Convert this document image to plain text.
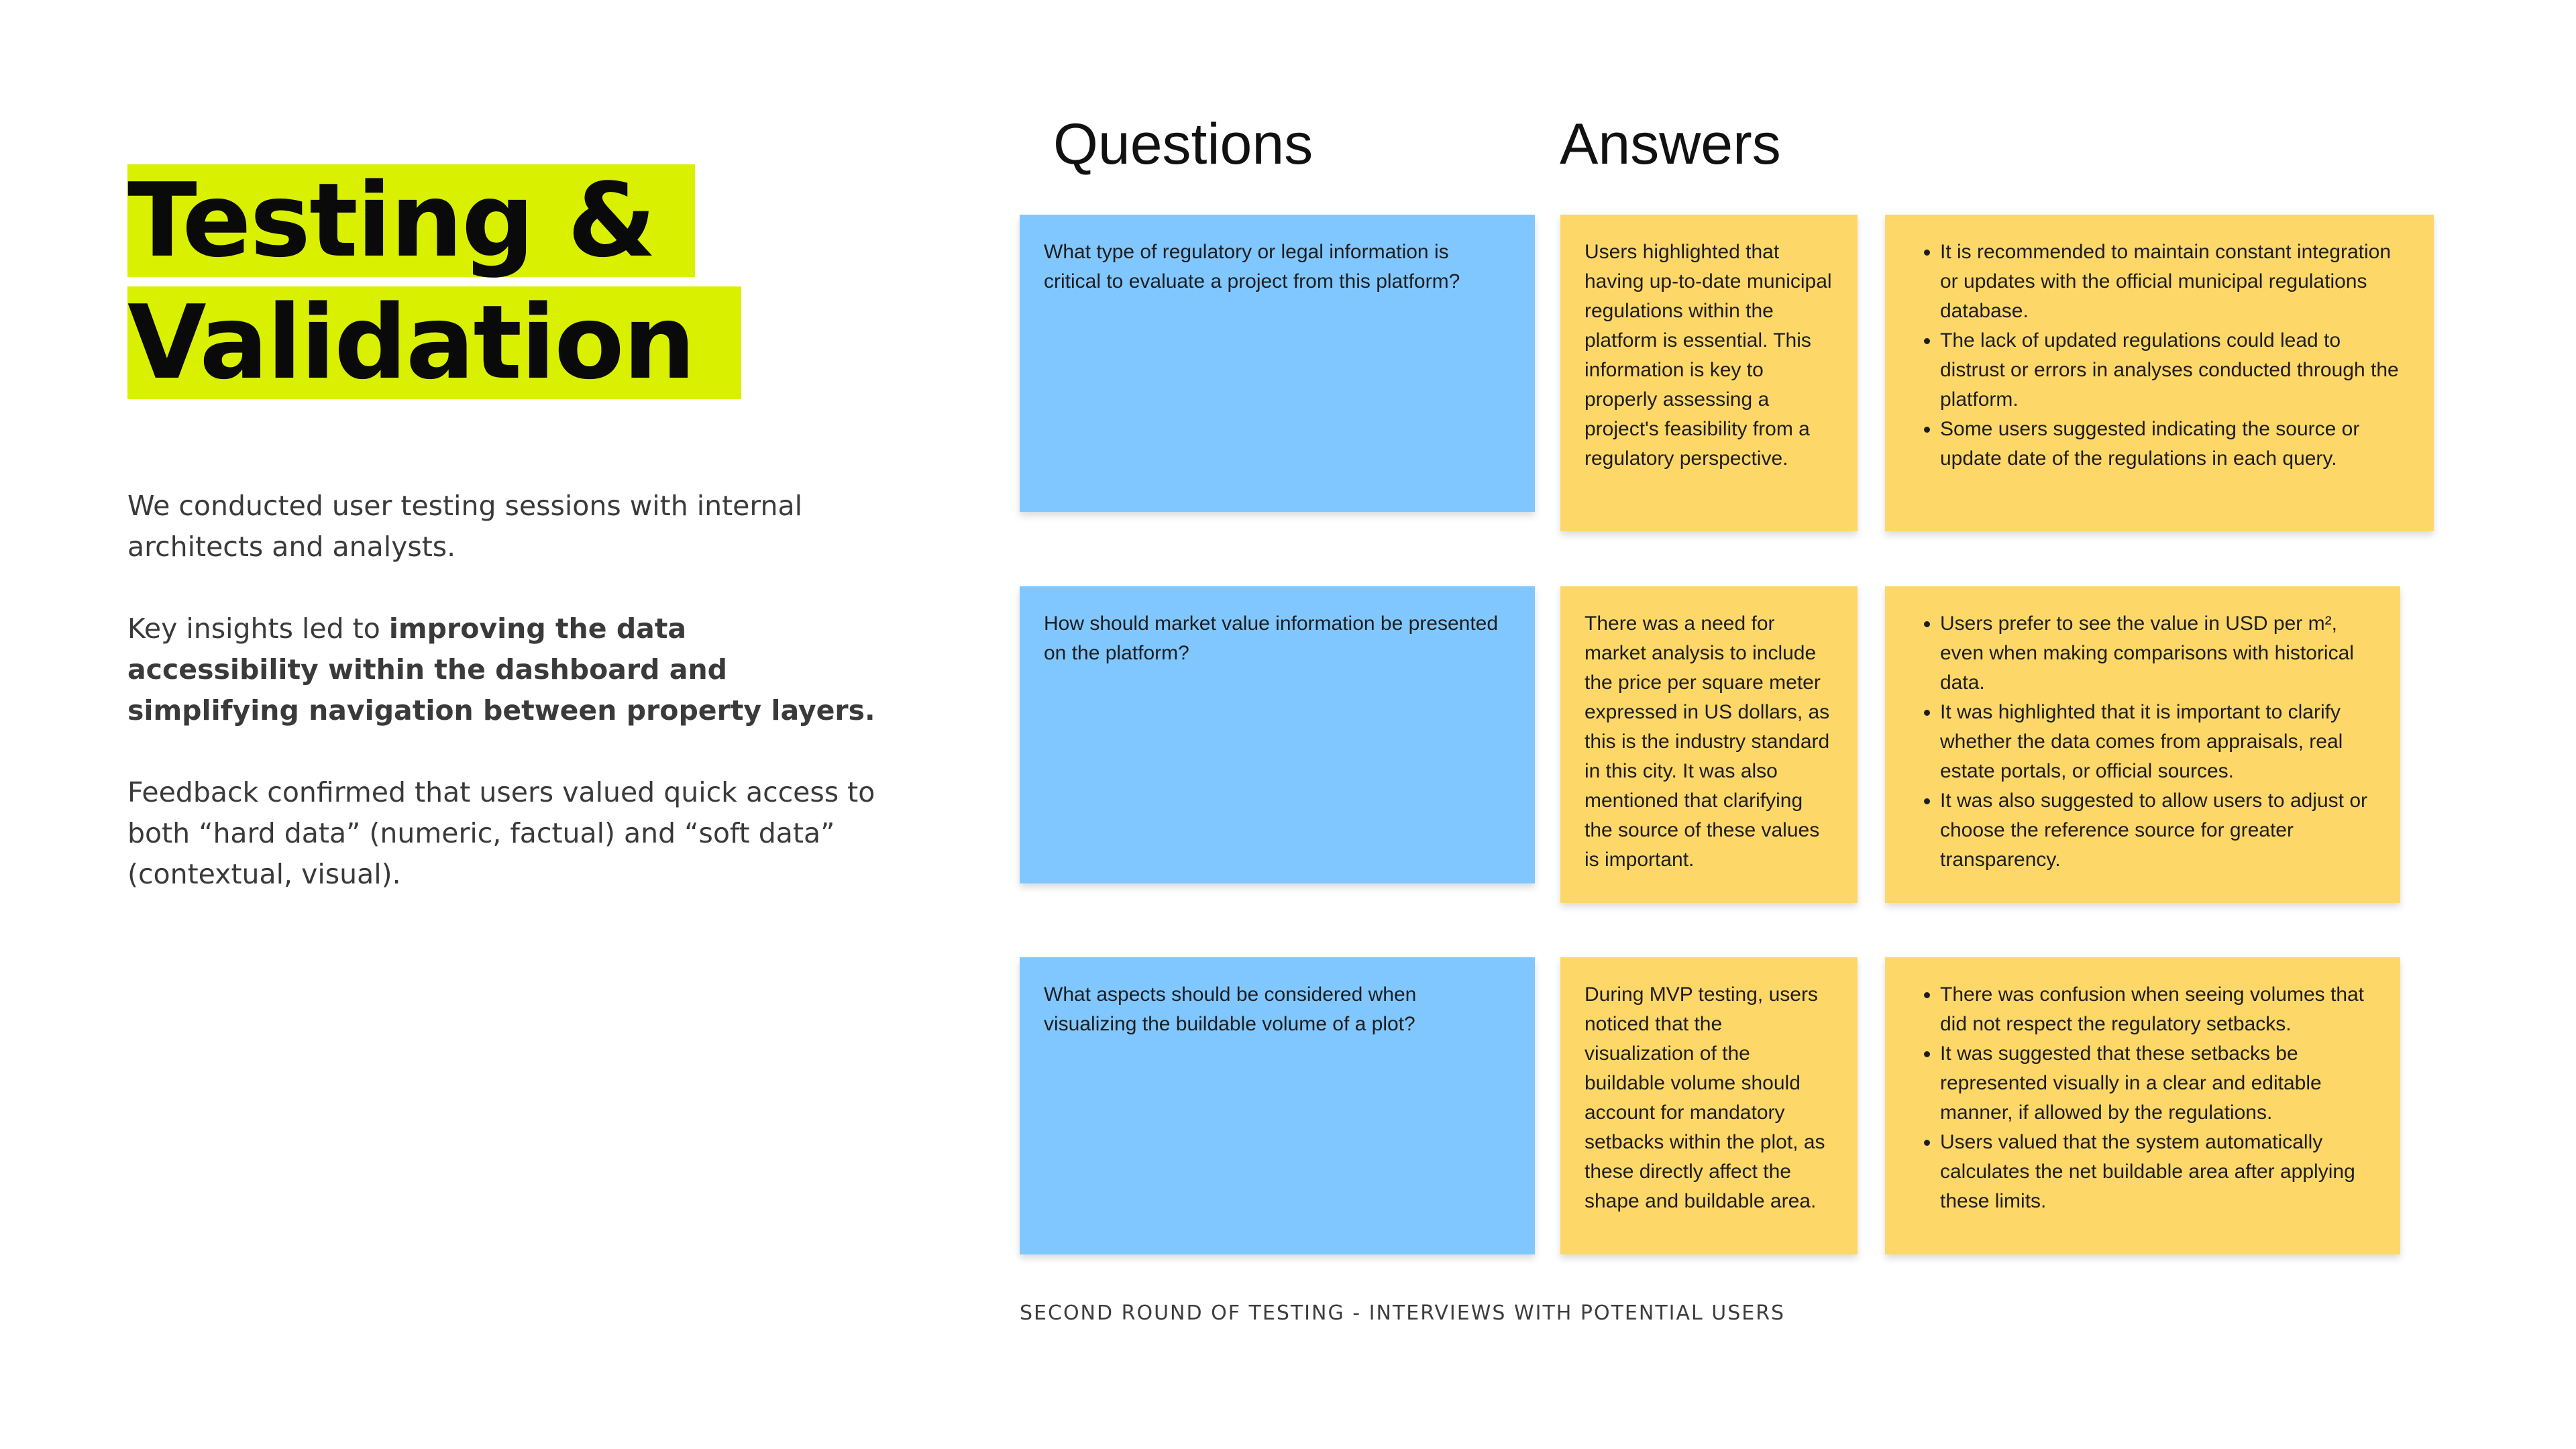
Testing &
Validation

We conducted user testing sessions with internal architects and analysts.

Key insights led to improving the data accessibility within the dashboard and simplifying navigation between property layers.

Feedback confirmed that users valued quick access to both “hard data” (numeric, factual) and “soft data” (contextual, visual).

Questions	Answers
What type of regulatory or legal information is critical to evaluate a project from this platform?
Users highlighted that having up-to-date municipal regulations within the platform is essential. This information is key to properly assessing a project's feasibility from a regulatory perspective.
• It is recommended to maintain constant integration or updates with the official municipal regulations database.
• The lack of updated regulations could lead to distrust or errors in analyses conducted through the platform.
• Some users suggested indicating the source or update date of the regulations in each query.
How should market value information be presented on the platform?
There was a need for market analysis to include the price per square meter expressed in US dollars, as this is the industry standard in this city. It was also mentioned that clarifying the source of these values is important.
• Users prefer to see the value in USD per m², even when making comparisons with historical data.
• It was highlighted that it is important to clarify whether the data comes from appraisals, real estate portals, or official sources.
• It was also suggested to allow users to adjust or choose the reference source for greater transparency.
What aspects should be considered when visualizing the buildable volume of a plot?
During MVP testing, users noticed that the visualization of the buildable volume should account for mandatory setbacks within the plot, as these directly affect the shape and buildable area.
• There was confusion when seeing volumes that did not respect the regulatory setbacks.
• It was suggested that these setbacks be represented visually in a clear and editable manner, if allowed by the regulations.
• Users valued that the system automatically calculates the net buildable area after applying these limits.
SECOND ROUND OF TESTING - INTERVIEWS WITH POTENTIAL USERS
